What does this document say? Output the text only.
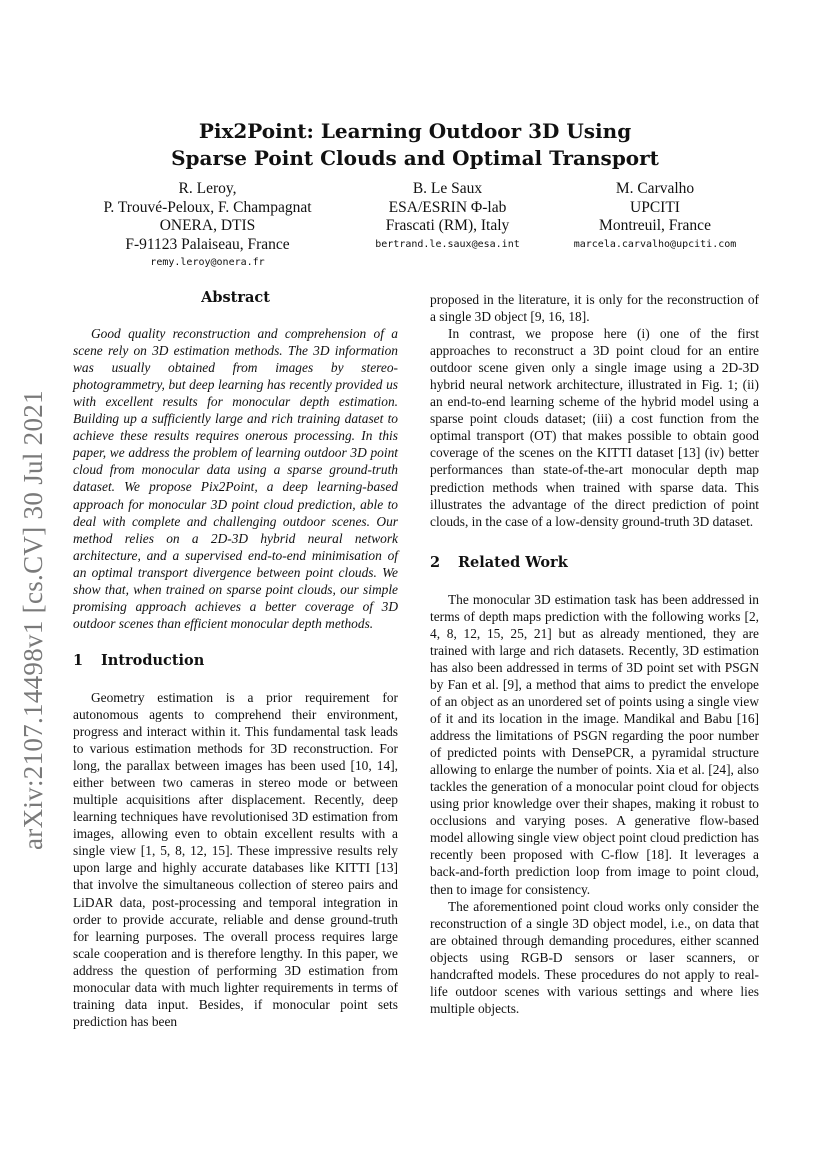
arXiv:2107.14498v1 [cs.CV] 30 Jul 2021
Pix2Point: Learning Outdoor 3D Using
Sparse Point Clouds and Optimal Transport
R. Leroy,
P. Trouvé-Peloux, F. Champagnat
ONERA, DTIS
F-91123 Palaiseau, France
remy.leroy@onera.fr
B. Le Saux
ESA/ESRIN Φ-lab
Frascati (RM), Italy
bertrand.le.saux@esa.int
M. Carvalho
UPCITI
Montreuil, France
marcela.carvalho@upciti.com
Abstract

Good quality reconstruction and comprehension of a scene rely on 3D estimation methods. The 3D information was usually obtained from images by stereo-photogrammetry, but deep learning has recently provided us with excellent results for monocular depth estimation. Building up a sufficiently large and rich training dataset to achieve these results requires onerous processing. In this paper, we address the problem of learning outdoor 3D point cloud from monocular data using a sparse ground-truth dataset. We propose Pix2Point, a deep learning-based approach for monocular 3D point cloud prediction, able to deal with complete and challenging outdoor scenes. Our method relies on a 2D-3D hybrid neural network architecture, and a supervised end-to-end minimisation of an optimal transport divergence between point clouds. We show that, when trained on sparse point clouds, our simple promising approach achieves a better coverage of 3D outdoor scenes than efficient monocular depth methods.

1 Introduction

Geometry estimation is a prior requirement for autonomous agents to comprehend their environment, progress and interact within it. This fundamental task leads to various estimation methods for 3D reconstruction. For long, the parallax between images has been used [10, 14], either between two cameras in stereo mode or between multiple acquisitions after displacement. Recently, deep learning techniques have revolutionised 3D estimation from images, allowing even to obtain excellent results with a single view [1, 5, 8, 12, 15]. These impressive results rely upon large and highly accurate databases like KITTI [13] that involve the simultaneous collection of stereo pairs and LiDAR data, post-processing and temporal integration in order to provide accurate, reliable and dense ground-truth for learning purposes. The overall process requires large scale cooperation and is therefore lengthy. In this paper, we address the question of performing 3D estimation from monocular data with much lighter requirements in terms of training data input. Besides, if monocular point sets prediction has been

proposed in the literature, it is only for the reconstruction of a single 3D object [9, 16, 18].

In contrast, we propose here (i) one of the first approaches to reconstruct a 3D point cloud for an entire outdoor scene given only a single image using a 2D-3D hybrid neural network architecture, illustrated in Fig. 1; (ii) an end-to-end learning scheme of the hybrid model using a sparse point clouds dataset; (iii) a cost function from the optimal transport (OT) that makes possible to obtain good coverage of the scenes on the KITTI dataset [13] (iv) better performances than state-of-the-art monocular depth map prediction methods when trained with sparse data. This illustrates the advantage of the direct prediction of point clouds, in the case of a low-density ground-truth 3D dataset.

2 Related Work

The monocular 3D estimation task has been addressed in terms of depth maps prediction with the following works [2, 4, 8, 12, 15, 25, 21] but as already mentioned, they are trained with large and rich datasets. Recently, 3D estimation has also been addressed in terms of 3D point set with PSGN by Fan et al. [9], a method that aims to predict the envelope of an object as an unordered set of points using a single view of it and its location in the image. Mandikal and Babu [16] address the limitations of PSGN regarding the poor number of predicted points with DensePCR, a pyramidal structure allowing to enlarge the number of points. Xia et al. [24], also tackles the generation of a monocular point cloud for objects using prior knowledge over their shapes, making it robust to occlusions and varying poses. A generative flow-based model allowing single view object point cloud prediction has recently been proposed with C-flow [18]. It leverages a back-and-forth prediction loop from image to point cloud, then to image for consistency.

The aforementioned point cloud works only consider the reconstruction of a single 3D object model, i.e., on data that are obtained through demanding procedures, either scanned objects using RGB-D sensors or laser scanners, or handcrafted models. These procedures do not apply to real-life outdoor scenes with various settings and where lies multiple objects.
